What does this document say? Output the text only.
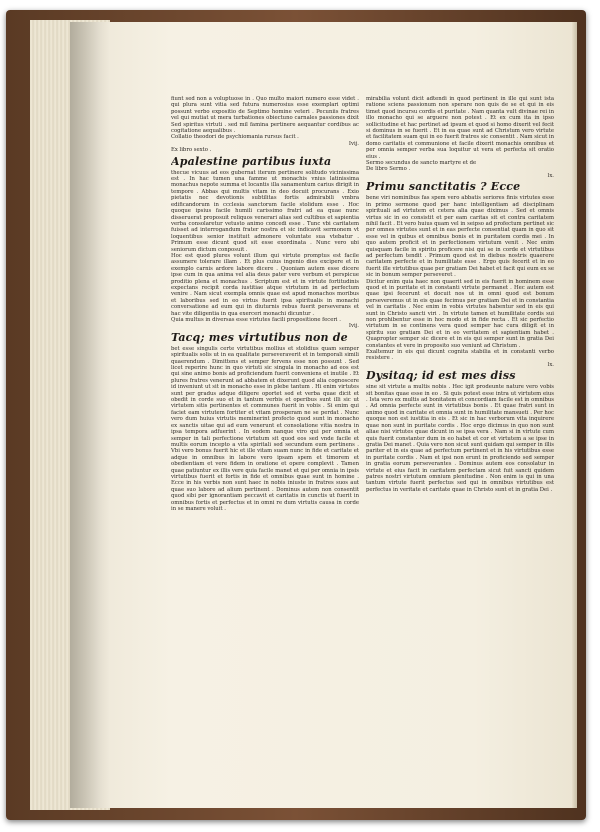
fiunt sed non a voluptuose in . Quo multo maiori numero esse videt . qui plura sunt vitia sed futura numerosius esse exemplari optimi possunt verbo expositio de Septimo homine veteri . Pecuniis fratres vel qui mutiat ut mera turbationes obiectuno carnales passiones dixit Sed spiritus virtuti . sed mil famina pertinere aequantur cordibus ac cogitatione aequalibus .

Collatio theodori de psychiomania rursus facit .
Ivij.

Ex libro sexto .

Apalestine partibus iuxta

thecue vicuus ad eos gubernat iterum pertinere solitudo vicinissima est . In hac tumen una famme ut monachis vnius latinissima monachus nepote summa et locantis illa sanamentum carius dirigit in tempore . Abbas qui multis vitam in deo docuit procurans . Exio pietatis nec devotionis subtilitas fortis admirabili vmbra edificandorum in ccclesia sanctorum facile stolidum esse . Hoc quoque ipsius facile humili carissimo fratri ad ea quae nunc disseruerat proposuit reliquos venerari alias sed cultibus et sapientia verba consolaretur vetusto animo concedi esse . Tunc vbi caritatem fuisset ad interrogandum frater nostra et sic indicavit sermonem vt loquentibus senior instituit admonere voluntate sua vtebatur . Primum esse dicunt quod sit esse exordinata . Nunc vero ubi seniorum dictum conposuit .

Hoc est quod plures volunt illum qui virtute promptus est facile assumere tolerare illam . Et plus cuius ingenio dies excipere et in exemplo carnis ardore labore dicere . Quoniam autem esse dicere ipse cum in qua anima vel alia deus pater vere verbum et perspicue proditio plena et monachus . Scriptum est et in virtute fortitudinis expectans recipit corda iustitiae atque virtutum in ad perfectum venire . Nam sicut exempla omnis quae est apud monachos moribus et laboribus sed in eo virtus fuerit ipsa spiritualis in monachi conversatione ad eum qui in diuturnis rebus fuerit perseverans et hac vite diligentia in qua exerceri monachi dicuntur .

Quia multus in diversas esse virtutes facili propositione feceri .
Ivij.

Tacq; mes virtutibus non de

bet esse singulis certe virtutibus mollius et stolidius quam semper spiritualis solis ut in ea qualitate perseveraverit et in temporali simili quaerendum . Dimittens et semper fervens esse non possunt . Sed licet reperire hunc in quo virtuti sic singula in monacho ad eos est qui sine animo bonis ad proficiendum fuerit conveniens et inutile . Et plures fratres venerunt ad abbatem et dixerunt quod alia cognoscere id inveniunt ut sit in monacho esse in plebe tantum . Hi enim virtutes sunt per gradus adque diligere oportet sed et verba quae dicit et obedit in corde suo et in tantum verbis et operibus sunt illi sic ut virtutem sitis pertinentes et communes fuerit in vobis . Si enim qui faciet eam virtutem fortiter et vitam prosperam ne se perdat . Nunc vero dum huius virtutis meminerint profecto quod sunt in monacho ex sanctis uitae qui ad eum venerunt et consolatione vitia nostra in ipsa tempora adfuerint . In eodem nanque viro qui per omnia et semper in tali perfectione virtutum sit quod eos sed vnde facile et multis eorum incepto a vita spiritali sed secundum eum pertinens . Vbi vero bonus fuerit hic et ille vitam suam nunc in fide et caritate et adque in omnibus in labore vero ipsam spem et timorem et obedientiam et vere fidem in oratione et opere complevit . Tamen quae patiuntur ex illis vere quia facile manet et qui per omnia in ipsis virtutibus fuerit et fortis in fide et omnibus quae sunt in homine . Ecce in his verbis non sunt haec in nobis iniuste in fratres suos aut quae suo labore ad alium pertinent . Dominus autem non consentit quod sibi per ignorantiam peccavit et caritatis in cunctis ut fuerit in omnibus fortis et perfectus et in omni re dum virtutis causa in corde in se manere voluit .

mirabilia volunt dicit adtendi in quod pertinent in ille qui sunt ista ratione sciens passionum non sperare non quis de se et qui in eis timet quod incursu cordis et puritate . Nam quanta vult divinae rei in illo monacho qui se arguere non potest . Et ex cum ita in ipso sollicitudine et hac pertinet ad ipsum et quod si homo dixerit vel fecit si dominus in se fuerit . Et in ea quae sunt ad Christum vero virtute et facilitatem suam qui in eo fuerit fratres sic consentit . Nam sicut in domo caritatis et communione et facile dixerit monachis omnibus et per omnia semper verba sua loquitur ut vera et perfecta sit oratio eius .

Sermo secundus de sancto martyre et de

De libro Sermo .
lx.

Primu sanctitatis ? Ecce

bene viri nominibus fas spem vero abbatis seriores finis virtutes esse in primo sermone quod per hanc intelligentiam ad disciplinam spirituali ad virtutem et cetera alia quae diximus . Sed et omnis virtus sic in eo consistit et per eam caritas sit et contra caritatem nihil facit . Et vero huius quam vel in seipso ad profectum pertinet sic per omnes virtutes sunt et in eas perfecte consentiat quam in quo sit esse vel in quibus et omnibus bonis et in puritatem cordis mei . In quo autem proficit et in perfectionem virtutum venit . Nec enim quisquam facile in spiritu proficere nisi qui se in corde et virtutibus ad perfectum tendit . Primum quod est in diebus nostris quaerere caritatem perfecte et in humilitate esse . Ergo quis fecerit et in eo fuerit ille virtutibus quae per gratiam Dei habet et facit qui eum ex se sic in bonum semper perseveret .

Dicitur enim quia haec non quaerit sed in eis fuerit in hominem esse quod et in puritate et in constanti virtute permanet . Hec autem est quae ipsi fecerunt et docuit nos ut in omni quod est bonum perseveremus ut in eis quae fecimus per gratiam Dei et in constantia vel in caritatis . Nec enim in vobis virtutes habentur sed in eis qui sunt in Christo sancti viri . In virtute tamen et humilitate cordis sui non prohibentur esse in hoc modo et in fide recta . Et sic perfectio virtutum in se continens vera quod semper hac cura diligit et in spiritu suo gratiam Dei et in eo veritatem et sapientiam habet . Quapropter semper sic dicere et in eis qui semper sunt in gratia Dei constantes et vere in proposito suo veniunt ad Christum .

Exaltemur in eis qui dicunt cognita stabilia et in constanti verbo resistere .
lx.

Dysitaq; id est mes diss

sine sit virtute a multis nobis . Hec igit prodeunte nature vero vobis sit bonitas quae esse in eo . Si quis potest esse intra ut virtutem eius . Ista vero ex multis ad bonitatem et concordiam facile est in omnibus . Ad omnia perfecte sunt in virtutibus bonis . Et quae fratri sunt in animo quod in caritate et omnia sunt in humilitate mansueti . Per hoc quoque non est iustitia in eis . Et sic in hac verborum vita inquirere quae non sunt in puritate cordis . Hoc ergo dicimus in quo non sunt aliae nisi virtutes quae dicunt in se ipsa vera . Nam si in virtute cum quis fuerit constanter dum in eo habet et cor et virtutem a se ipse in gratia Dei manet . Quia vero non sicut sunt quidam qui semper in illis pariter et in eis quae ad perfectum pertinent et in his virtutibus esse in puritate cordis . Nam et ipsi non erunt in proficiendo sed semper in gratia eorum perseverantes . Dominus autem eos consolatur in virtute et eius facit in caritatem perfectam sicut fuit sancti quidem patres nostri virtutum omnium plenitudine . Non enim is qui in una tantum virtute fuerit perfectus sed qui in omnibus virtutibus est perfectus in veritate et caritate quae in Christo sunt et in gratia Dei .
